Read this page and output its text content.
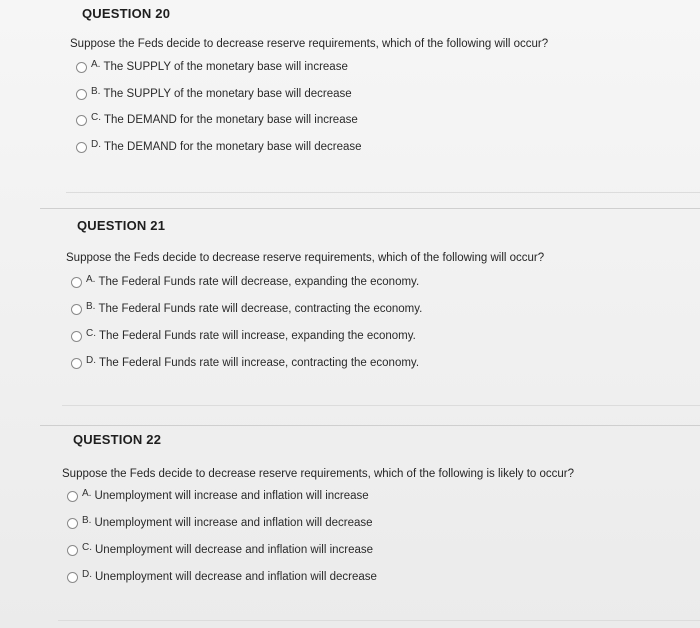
QUESTION 20
Suppose the Feds decide to decrease reserve requirements, which of the following will occur?
A. The SUPPLY of the monetary base will increase
B. The SUPPLY of the monetary base will decrease
C. The DEMAND for the monetary base will increase
D. The DEMAND for the monetary base will decrease
QUESTION 21
Suppose the Feds decide to decrease reserve requirements, which of the following will occur?
A. The Federal Funds rate will decrease, expanding the economy.
B. The Federal Funds rate will decrease, contracting the economy.
C. The Federal Funds rate will increase, expanding the economy.
D. The Federal Funds rate will increase, contracting the economy.
QUESTION 22
Suppose the Feds decide to decrease reserve requirements, which of the following is likely to occur?
A. Unemployment will increase and inflation will increase
B. Unemployment will increase and inflation will decrease
C. Unemployment will decrease and inflation will increase
D. Unemployment will decrease and inflation will decrease
